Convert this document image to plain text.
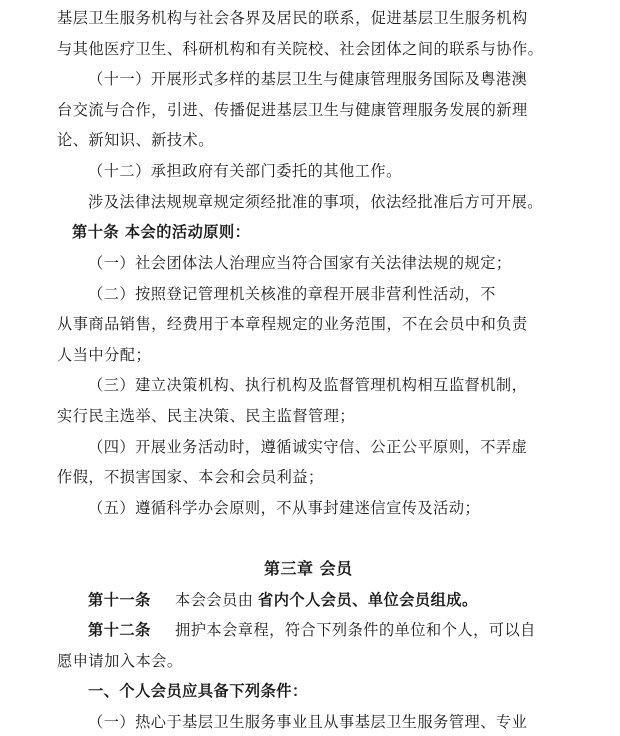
基层卫生服务机构与社会各界及居民的联系，促进基层卫生服务机构
与其他医疗卫生、科研机构和有关院校、社会团体之间的联系与协作。
（十一）开展形式多样的基层卫生与健康管理服务国际及粤港澳
台交流与合作，引进、传播促进基层卫生与健康管理服务发展的新理
论、新知识、新技术。
（十二）承担政府有关部门委托的其他工作。
涉及法律法规规章规定须经批准的事项，依法经批准后方可开展。
第十条 本会的活动原则：
（一）社会团体法人治理应当符合国家有关法律法规的规定；
（二）按照登记管理机关核准的章程开展非营利性活动，不
从事商品销售，经费用于本章程规定的业务范围，不在会员中和负责
人当中分配；
（三）建立决策机构、执行机构及监督管理机构相互监督机制，
实行民主选举、民主决策、民主监督管理；
（四）开展业务活动时，遵循诚实守信、公正公平原则，不弄虚
作假，不损害国家、本会和会员利益；
（五）遵循科学办会原则，不从事封建迷信宣传及活动；
第三章 会员
第十一条 本会会员由 省内个人会员、单位会员组成。
第十二条 拥护本会章程，符合下列条件的单位和个人，可以自
愿申请加入本会。
一、个人会员应具备下列条件：
（一）热心于基层卫生服务事业且从事基层卫生服务管理、专业
